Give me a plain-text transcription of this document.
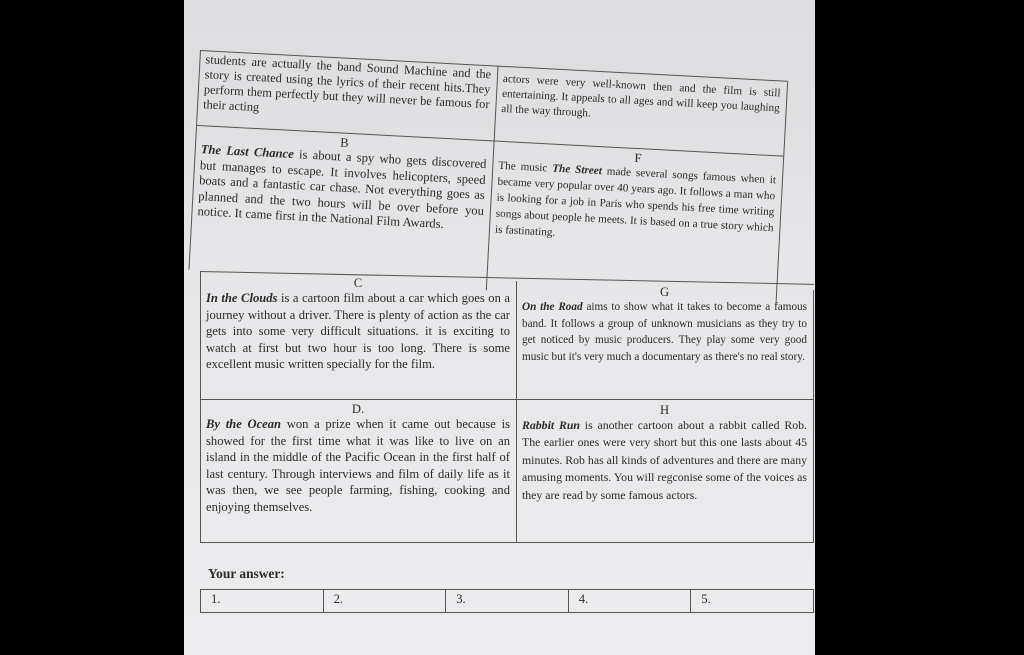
students are actually the band Sound Machine and the story is created using the lyrics of their recent hits.They perform them perfectly but they will never be famous for their acting
actors were very well-known then and the film is still entertaining. It appeals to all ages and will keep you laughing all the way through.
B
The Last Chance is about a spy who gets discovered but manages to escape. It involves helicopters, speed boats and a fantastic car chase. Not everything goes as planned and the two hours will be over before you notice. It came first in the National Film Awards.
F
The music The Street made several songs famous when it became very popular over 40 years ago. It follows a man who is looking for a job in Paris who spends his free time writing songs about people he meets. It is based on a true story which is fastinating.
C
In the Clouds is a cartoon film about a car which goes on a journey without a driver. There is plenty of action as the car gets into some very difficult situations. it is exciting to watch at first but two hour is too long. There is some excellent music written specially for the film.
G
On the Road aims to show what it takes to become a famous band. It follows a group of unknown musicians as they try to get noticed by music producers. They play some very good music but it's very much a documentary as there's no real story.
D.
By the Ocean won a prize when it came out because is showed for the first time what it was like to live on an island in the middle of the Pacific Ocean in the first half of last century. Through interviews and film of daily life as it was then, we see people farming, fishing, cooking and enjoying themselves.
H
Rabbit Run is another cartoon about a rabbit called Rob. The earlier ones were very short but this one lasts about 45 minutes. Rob has all kinds of adventures and there are many amusing moments. You will regconise some of the voices as they are read by some famous actors.
Your answer:
1.	2.	3.	4.	5.
